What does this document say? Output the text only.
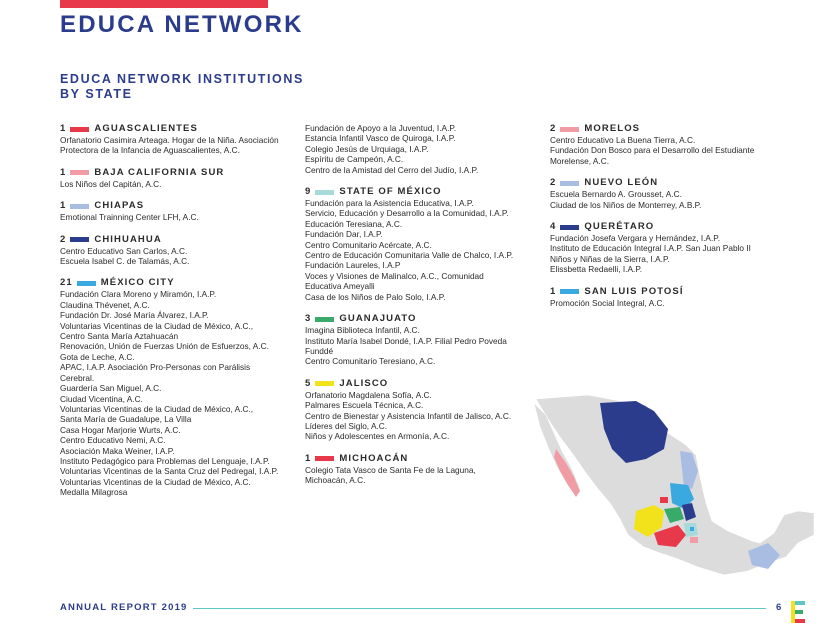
EDUCA NETWORK
EDUCA NETWORK INSTITUTIONS
BY STATE
1	AGUASCALIENTES
Orfanatorio Casimira Arteaga. Hogar de la Niña. Asociación
Protectora de la Infancia de Aguascalientes, A.C.
1	BAJA CALIFORNIA SUR
Los Niños del Capitán, A.C.
1	CHIAPAS
Emotional Trainning Center LFH, A.C.
2	CHIHUAHUA
Centro Educativo San Carlos, A.C.
Escuela Isabel C. de Talamás, A.C.
21	MÉXICO CITY
Fundación Clara Moreno y Miramón, I.A.P.
Claudina Thévenet, A.C.
Fundación Dr. José María Álvarez, I.A.P.
Voluntarias Vicentinas de la Ciudad de México, A.C.,
Centro Santa María Aztahuacán
Renovación, Unión de Fuerzas Unión de Esfuerzos, A.C.
Gota de Leche, A.C.
APAC, I.A.P. Asociación Pro-Personas con Parálisis
Cerebral.
Guardería San Miguel, A.C.
Ciudad Vicentina, A.C.
Voluntarias Vicentinas de la Ciudad de México, A.C.,
Santa María de Guadalupe, La Villa
Casa Hogar Marjorie Wurts, A.C.
Centro Educativo Nemi, A.C.
Asociación Maka Weiner, I.A.P.
Instituto Pedagógico para Problemas del Lenguaje, I.A.P.
Voluntarias Vicentinas de la Santa Cruz del Pedregal, I.A.P.
Voluntarias Vicentinas de la Ciudad de México, A.C.
Medalla Milagrosa
Fundación de Apoyo a la Juventud, I.A.P.
Estancia Infantil Vasco de Quiroga, I.A.P.
Colegio Jesús de Urquiaga, I.A.P.
Espíritu de Campeón, A.C.
Centro de la Amistad del Cerro del Judío, I.A.P.
9	STATE OF MÉXICO
Fundación para la Asistencia Educativa, I.A.P.
Servicio, Educación y Desarrollo a la Comunidad, I.A.P.
Educación Teresiana, A.C.
Fundación Dar, I.A.P.
Centro Comunitario Acércate, A.C.
Centro de Educación Comunitaria Valle de Chalco, I.A.P.
Fundación Laureles, I.A.P
Voces y Visiones de Malinalco, A.C., Comunidad
Educativa Ameyalli
Casa de los Niños de Palo Solo, I.A.P.
3	GUANAJUATO
Imagina Biblioteca Infantil, A.C.
Instituto María Isabel Dondé, I.A.P. Filial Pedro Poveda
Funddé
Centro Comunitario Teresiano, A.C.
5	JALISCO
Orfanatorio Magdalena Sofía, A.C.
Palmares Escuela Técnica, A.C.
Centro de Bienestar y Asistencia Infantil de Jalisco, A.C.
Líderes del Siglo, A.C.
Niños y Adolescentes en Armonía, A.C.
1	MICHOACÁN
Colegio Tata Vasco de Santa Fe de la Laguna,
Michoacán, A.C.
2	MORELOS
Centro Educativo La Buena Tierra, A.C.
Fundación Don Bosco para el Desarrollo del Estudiante
Morelense, A.C.
2	NUEVO LEÓN
Escuela Bernardo A. Grousset, A.C.
Ciudad de los Niños de Monterrey, A.B.P.
4	QUERÉTARO
Fundación Josefa Vergara y Hernández, I.A.P.
Instituto de Educación Integral I.A.P. San Juan Pablo II
Niños y Niñas de la Sierra, I.A.P.
Elissbetta Redaelli, I.A.P.
1	SAN LUIS POTOSÍ
Promoción Social Integral, A.C.
ANNUAL REPORT 2019	6
